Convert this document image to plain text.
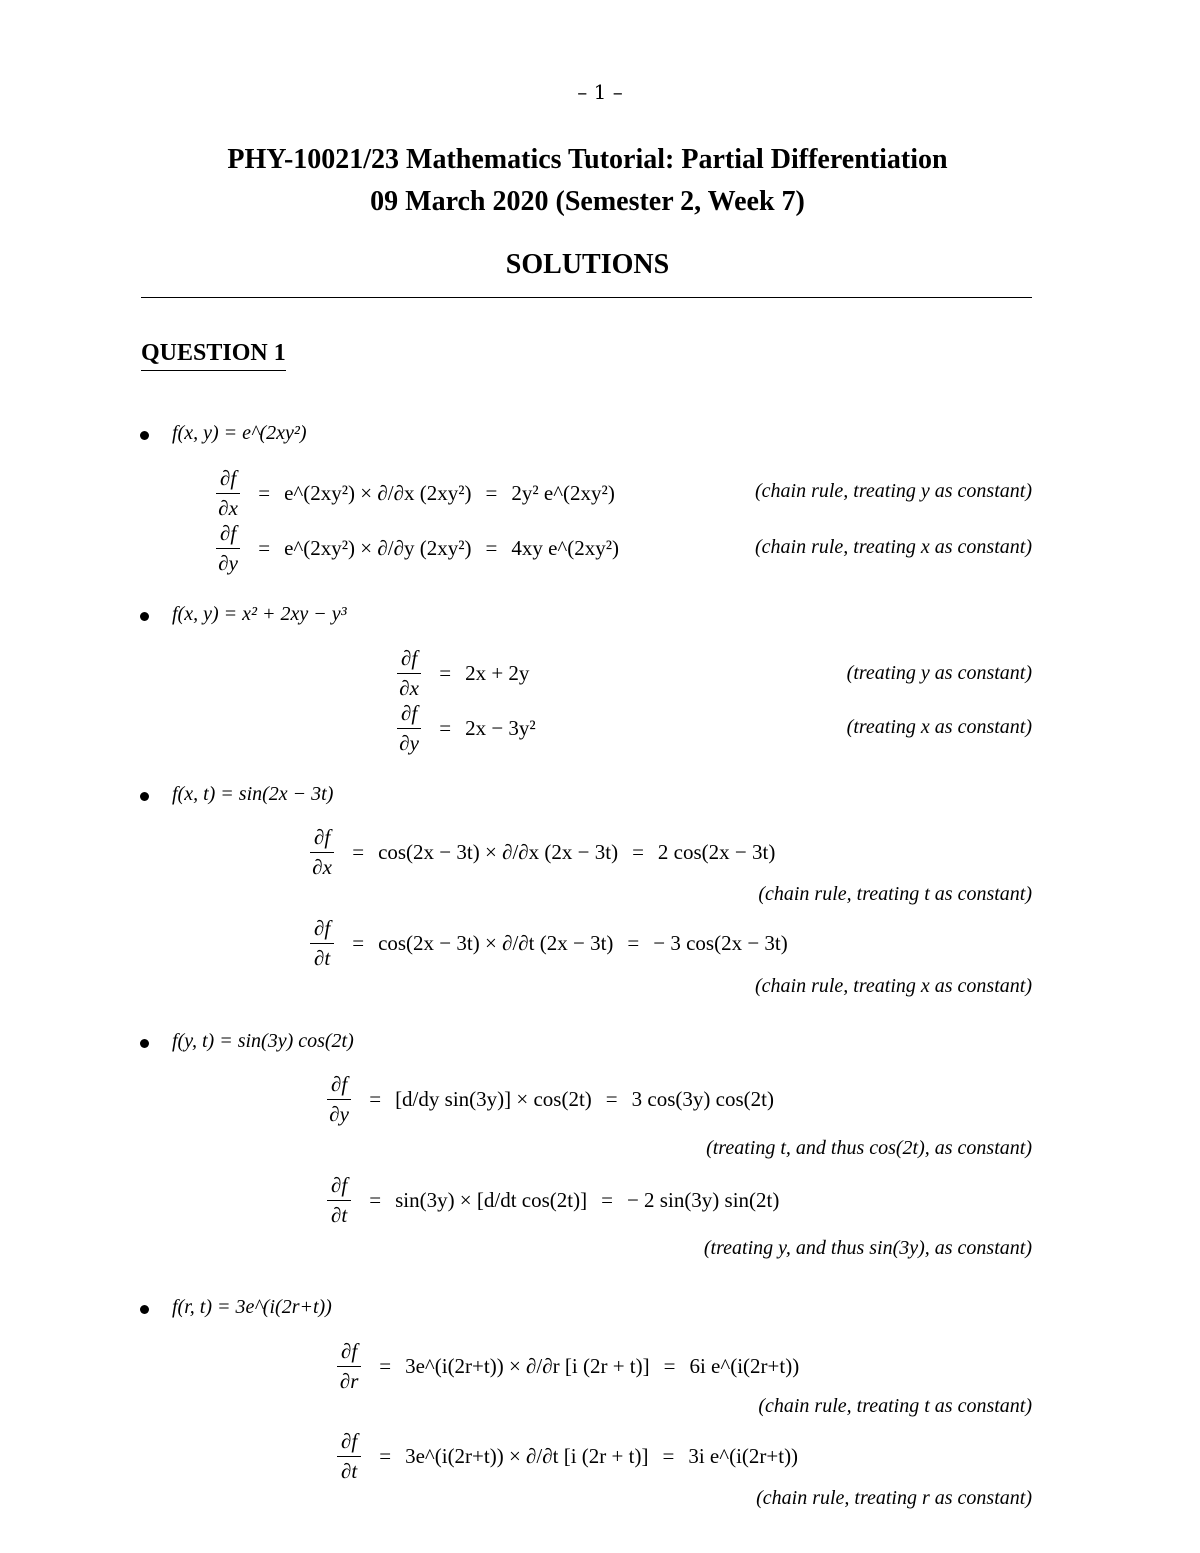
– 1 –
PHY-10021/23 Mathematics Tutorial: Partial Differentiation
09 March 2020 (Semester 2, Week 7)
SOLUTIONS
QUESTION 1
f(x, y) = e^(2xy²)
$\frac{\partial f}{\partial x}$ = e^(2xy²) × ∂/∂x (2xy²) = 2y² e^(2xy²)	(chain rule, treating y as constant)
$\frac{\partial f}{\partial y}$ = e^(2xy²) × ∂/∂y (2xy²) = 4xy e^(2xy²)	(chain rule, treating x as constant)
f(x, y) = x² + 2xy − y³
$\frac{\partial f}{\partial x} = 2x + 2y$	(treating y as constant)
$\frac{\partial f}{\partial y} = 2x - 3y^2$	(treating x as constant)
f(x, t) = sin(2x − 3t)
$\frac{\partial f}{\partial x} = \cos(2x - 3t) \times \partial/\partial x$ (2x − 3t) = 2 cos(2x − 3t)
(chain rule, treating t as constant)
$\frac{\partial f}{\partial t} = \cos(2x - 3t) \times \partial/\partial t$ (2x − 3t) = − 3 cos(2x − 3t)
(chain rule, treating x as constant)
f(y, t) = sin(3y) cos(2t)
$\frac{\partial f}{\partial y} = [d/dy$ sin(3y)] × cos(2t) = 3 cos(3y) cos(2t)
(treating t, and thus cos(2t), as constant)
$\frac{\partial f}{\partial t} = \sin(3y) \times [d/dt$ cos(2t)] = − 2 sin(3y) sin(2t)
(treating y, and thus sin(3y), as constant)
f(r, t) = 3e^(i(2r+t))
$\frac{\partial f}{\partial r}$ = 3e^(i(2r+t)) × ∂/∂r [i (2r + t)] = 6i e^(i(2r+t))
(chain rule, treating t as constant)
$\frac{\partial f}{\partial t}$ = 3e^(i(2r+t)) × ∂/∂t [i (2r + t)] = 3i e^(i(2r+t))
(chain rule, treating r as constant)
